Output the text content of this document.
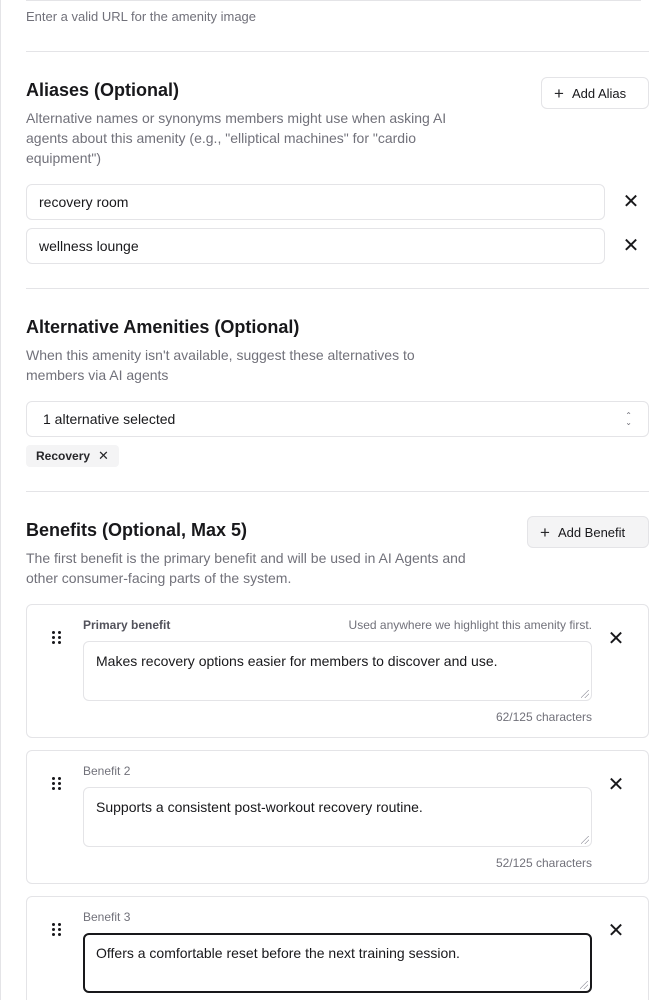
Enter a valid URL for the amenity image
Aliases (Optional)	+ Add Alias
Alternative names or synonyms members might use when asking AI agents about this amenity (e.g., "elliptical machines" for "cardio equipment")
recovery room	✕
wellness lounge	✕
Alternative Amenities (Optional)
When this amenity isn't available, suggest these alternatives to members via AI agents
1 alternative selected	⌃
⌄
Recovery ✕
Benefits (Optional, Max 5)	+ Add Benefit
The first benefit is the primary benefit and will be used in AI Agents and other consumer-facing parts of the system.
Primary benefit	Used anywhere we highlight this amenity first.
Makes recovery options easier for members to discover and use.
62/125 characters
✕
Benefit 2
Supports a consistent post-workout recovery routine.
52/125 characters
✕
Benefit 3
Offers a comfortable reset before the next training session.
✕
